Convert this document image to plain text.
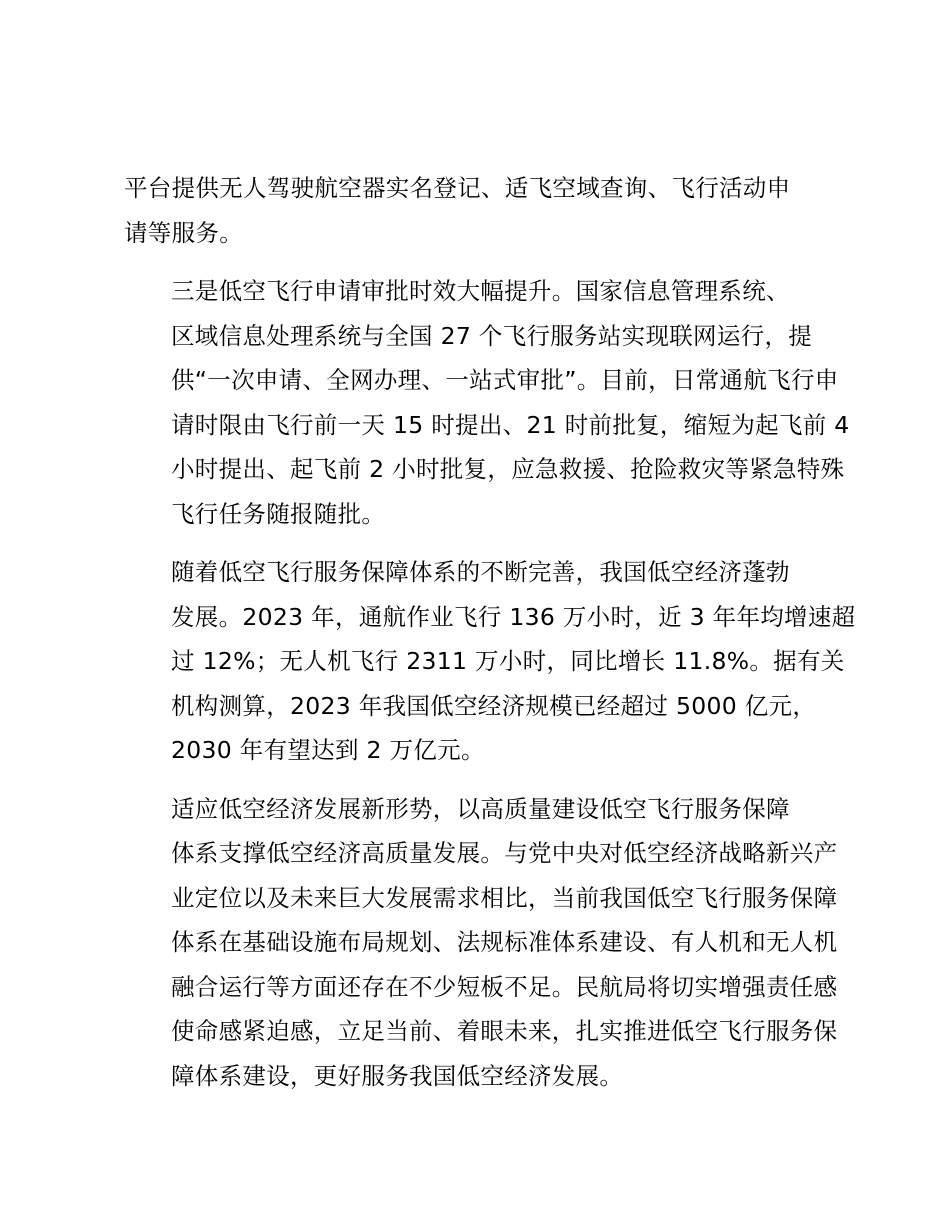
平台提供无人驾驶航空器实名登记、适飞空域查询、飞行活动申
请等服务。

三是低空飞行申请审批时效大幅提升。国家信息管理系统、
区域信息处理系统与全国 27 个飞行服务站实现联网运行，提
供“一次申请、全网办理、一站式审批”。目前，日常通航飞行申
请时限由飞行前一天 15 时提出、21 时前批复，缩短为起飞前 4
小时提出、起飞前 2 小时批复，应急救援、抢险救灾等紧急特殊
飞行任务随报随批。

随着低空飞行服务保障体系的不断完善，我国低空经济蓬勃
发展。2023 年，通航作业飞行 136 万小时，近 3 年年均增速超
过 12%；无人机飞行 2311 万小时，同比增长 11.8%。据有关
机构测算，2023 年我国低空经济规模已经超过 5000 亿元，
2030 年有望达到 2 万亿元。

适应低空经济发展新形势，以高质量建设低空飞行服务保障
体系支撑低空经济高质量发展。与党中央对低空经济战略新兴产
业定位以及未来巨大发展需求相比，当前我国低空飞行服务保障
体系在基础设施布局规划、法规标准体系建设、有人机和无人机
融合运行等方面还存在不少短板不足。民航局将切实增强责任感
使命感紧迫感，立足当前、着眼未来，扎实推进低空飞行服务保
障体系建设，更好服务我国低空经济发展。
